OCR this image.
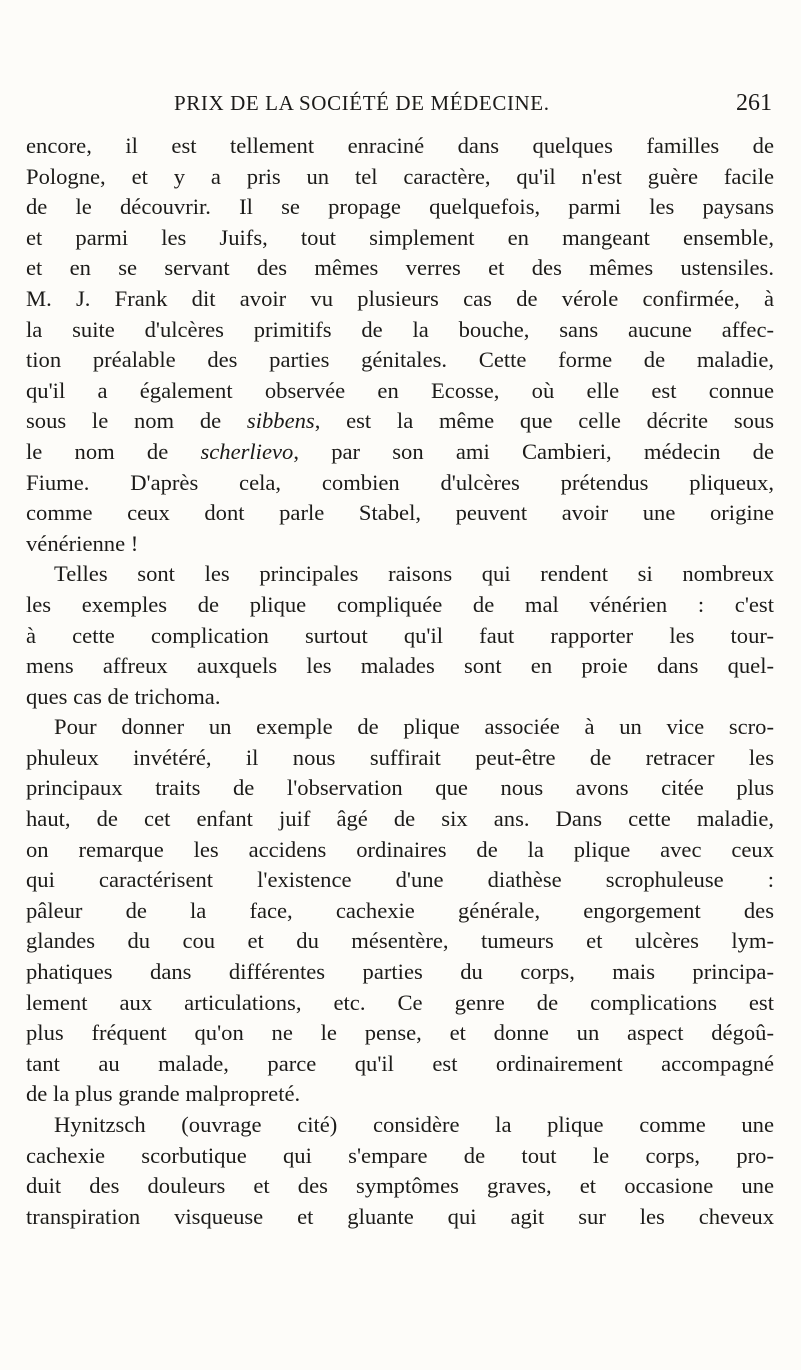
PRIX DE LA SOCIÉTÉ DE MÉDECINE.	261

encore, il est tellement enraciné dans quelques familles de
Pologne, et y a pris un tel caractère, qu'il n'est guère facile
de le découvrir. Il se propage quelquefois, parmi les paysans
et parmi les Juifs, tout simplement en mangeant ensemble,
et en se servant des mêmes verres et des mêmes ustensiles.
M. J. Frank dit avoir vu plusieurs cas de vérole confirmée, à
la suite d'ulcères primitifs de la bouche, sans aucune affec-
tion préalable des parties génitales. Cette forme de maladie,
qu'il a également observée en Ecosse, où elle est connue
sous le nom de sibbens, est la même que celle décrite sous
le nom de scherlievo, par son ami Cambieri, médecin de
Fiume. D'après cela, combien d'ulcères prétendus pliqueux,
comme ceux dont parle Stabel, peuvent avoir une origine
vénérienne !

Telles sont les principales raisons qui rendent si nombreux
les exemples de plique compliquée de mal vénérien : c'est
à cette complication surtout qu'il faut rapporter les tour-
mens affreux auxquels les malades sont en proie dans quel-
ques cas de trichoma.

Pour donner un exemple de plique associée à un vice scro-
phuleux invétéré, il nous suffirait peut-être de retracer les
principaux traits de l'observation que nous avons citée plus
haut, de cet enfant juif âgé de six ans. Dans cette maladie,
on remarque les accidens ordinaires de la plique avec ceux
qui caractérisent l'existence d'une diathèse scrophuleuse :
pâleur de la face, cachexie générale, engorgement des
glandes du cou et du mésentère, tumeurs et ulcères lym-
phatiques dans différentes parties du corps, mais principa-
lement aux articulations, etc. Ce genre de complications est
plus fréquent qu'on ne le pense, et donne un aspect dégoû-
tant au malade, parce qu'il est ordinairement accompagné
de la plus grande malpropreté.

Hynitzsch (ouvrage cité) considère la plique comme une
cachexie scorbutique qui s'empare de tout le corps, pro-
duit des douleurs et des symptômes graves, et occasione une
transpiration visqueuse et gluante qui agit sur les cheveux
